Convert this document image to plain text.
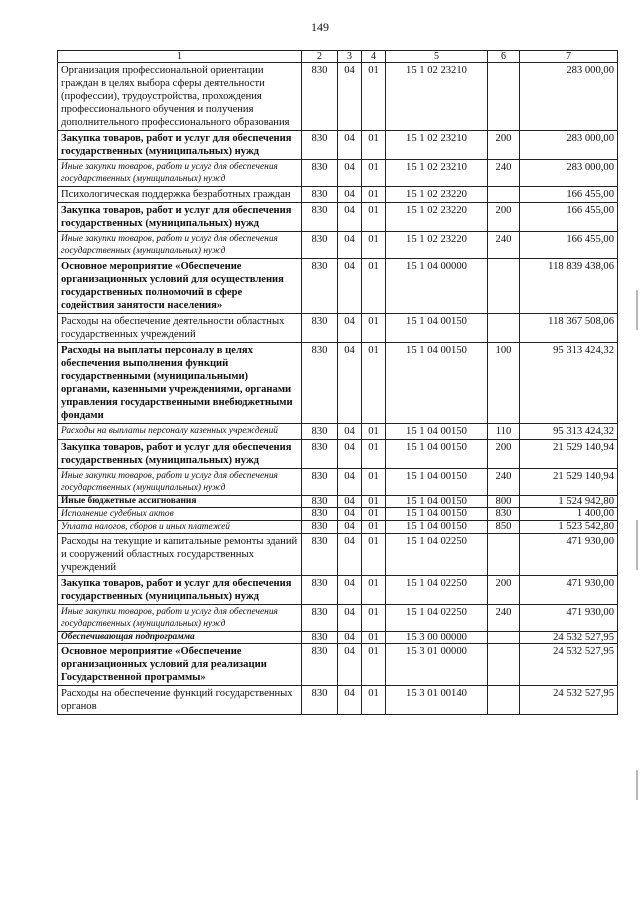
149
1	2	3	4	5	6	7
Организация профессиональной ориентации граждан в целях выбора сферы деятельности (профессии), трудоустройства, прохождения профессионального обучения и получения дополнительного профессионального образования	830	04	01	15 1 02 23210		283 000,00
Закупка товаров, работ и услуг для обеспечения государственных (муниципальных) нужд	830	04	01	15 1 02 23210	200	283 000,00
Иные закупки товаров, работ и услуг для обеспечения государственных (муниципальных) нужд	830	04	01	15 1 02 23210	240	283 000,00
Психологическая поддержка безработных граждан	830	04	01	15 1 02 23220		166 455,00
Закупка товаров, работ и услуг для обеспечения государственных (муниципальных) нужд	830	04	01	15 1 02 23220	200	166 455,00
Иные закупки товаров, работ и услуг для обеспечения государственных (муниципальных) нужд	830	04	01	15 1 02 23220	240	166 455,00
Основное мероприятие «Обеспечение организационных условий для осуществления государственных полномочий в сфере содействия занятости населения»	830	04	01	15 1 04 00000		118 839 438,06
Расходы на обеспечение деятельности областных государственных учреждений	830	04	01	15 1 04 00150		118 367 508,06
Расходы на выплаты персоналу в целях обеспечения выполнения функций государственными (муниципальными) органами, казенными учреждениями, органами управления государственными внебюджетными фондами	830	04	01	15 1 04 00150	100	95 313 424,32
Расходы на выплаты персоналу казенных учреждений	830	04	01	15 1 04 00150	110	95 313 424,32
Закупка товаров, работ и услуг для обеспечения государственных (муниципальных) нужд	830	04	01	15 1 04 00150	200	21 529 140,94
Иные закупки товаров, работ и услуг для обеспечения государственных (муниципальных) нужд	830	04	01	15 1 04 00150	240	21 529 140,94
Иные бюджетные ассигнования	830	04	01	15 1 04 00150	800	1 524 942,80
Исполнение судебных актов	830	04	01	15 1 04 00150	830	1 400,00
Уплата налогов, сборов и иных платежей	830	04	01	15 1 04 00150	850	1 523 542,80
Расходы на текущие и капитальные ремонты зданий и сооружений областных государственных учреждений	830	04	01	15 1 04 02250		471 930,00
Закупка товаров, работ и услуг для обеспечения государственных (муниципальных) нужд	830	04	01	15 1 04 02250	200	471 930,00
Иные закупки товаров, работ и услуг для обеспечения государственных (муниципальных) нужд	830	04	01	15 1 04 02250	240	471 930,00
Обеспечивающая подпрограмма	830	04	01	15 3 00 00000		24 532 527,95
Основное мероприятие «Обеспечение организационных условий для реализации Государственной программы»	830	04	01	15 3 01 00000		24 532 527,95
Расходы на обеспечение функций государственных органов	830	04	01	15 3 01 00140		24 532 527,95
